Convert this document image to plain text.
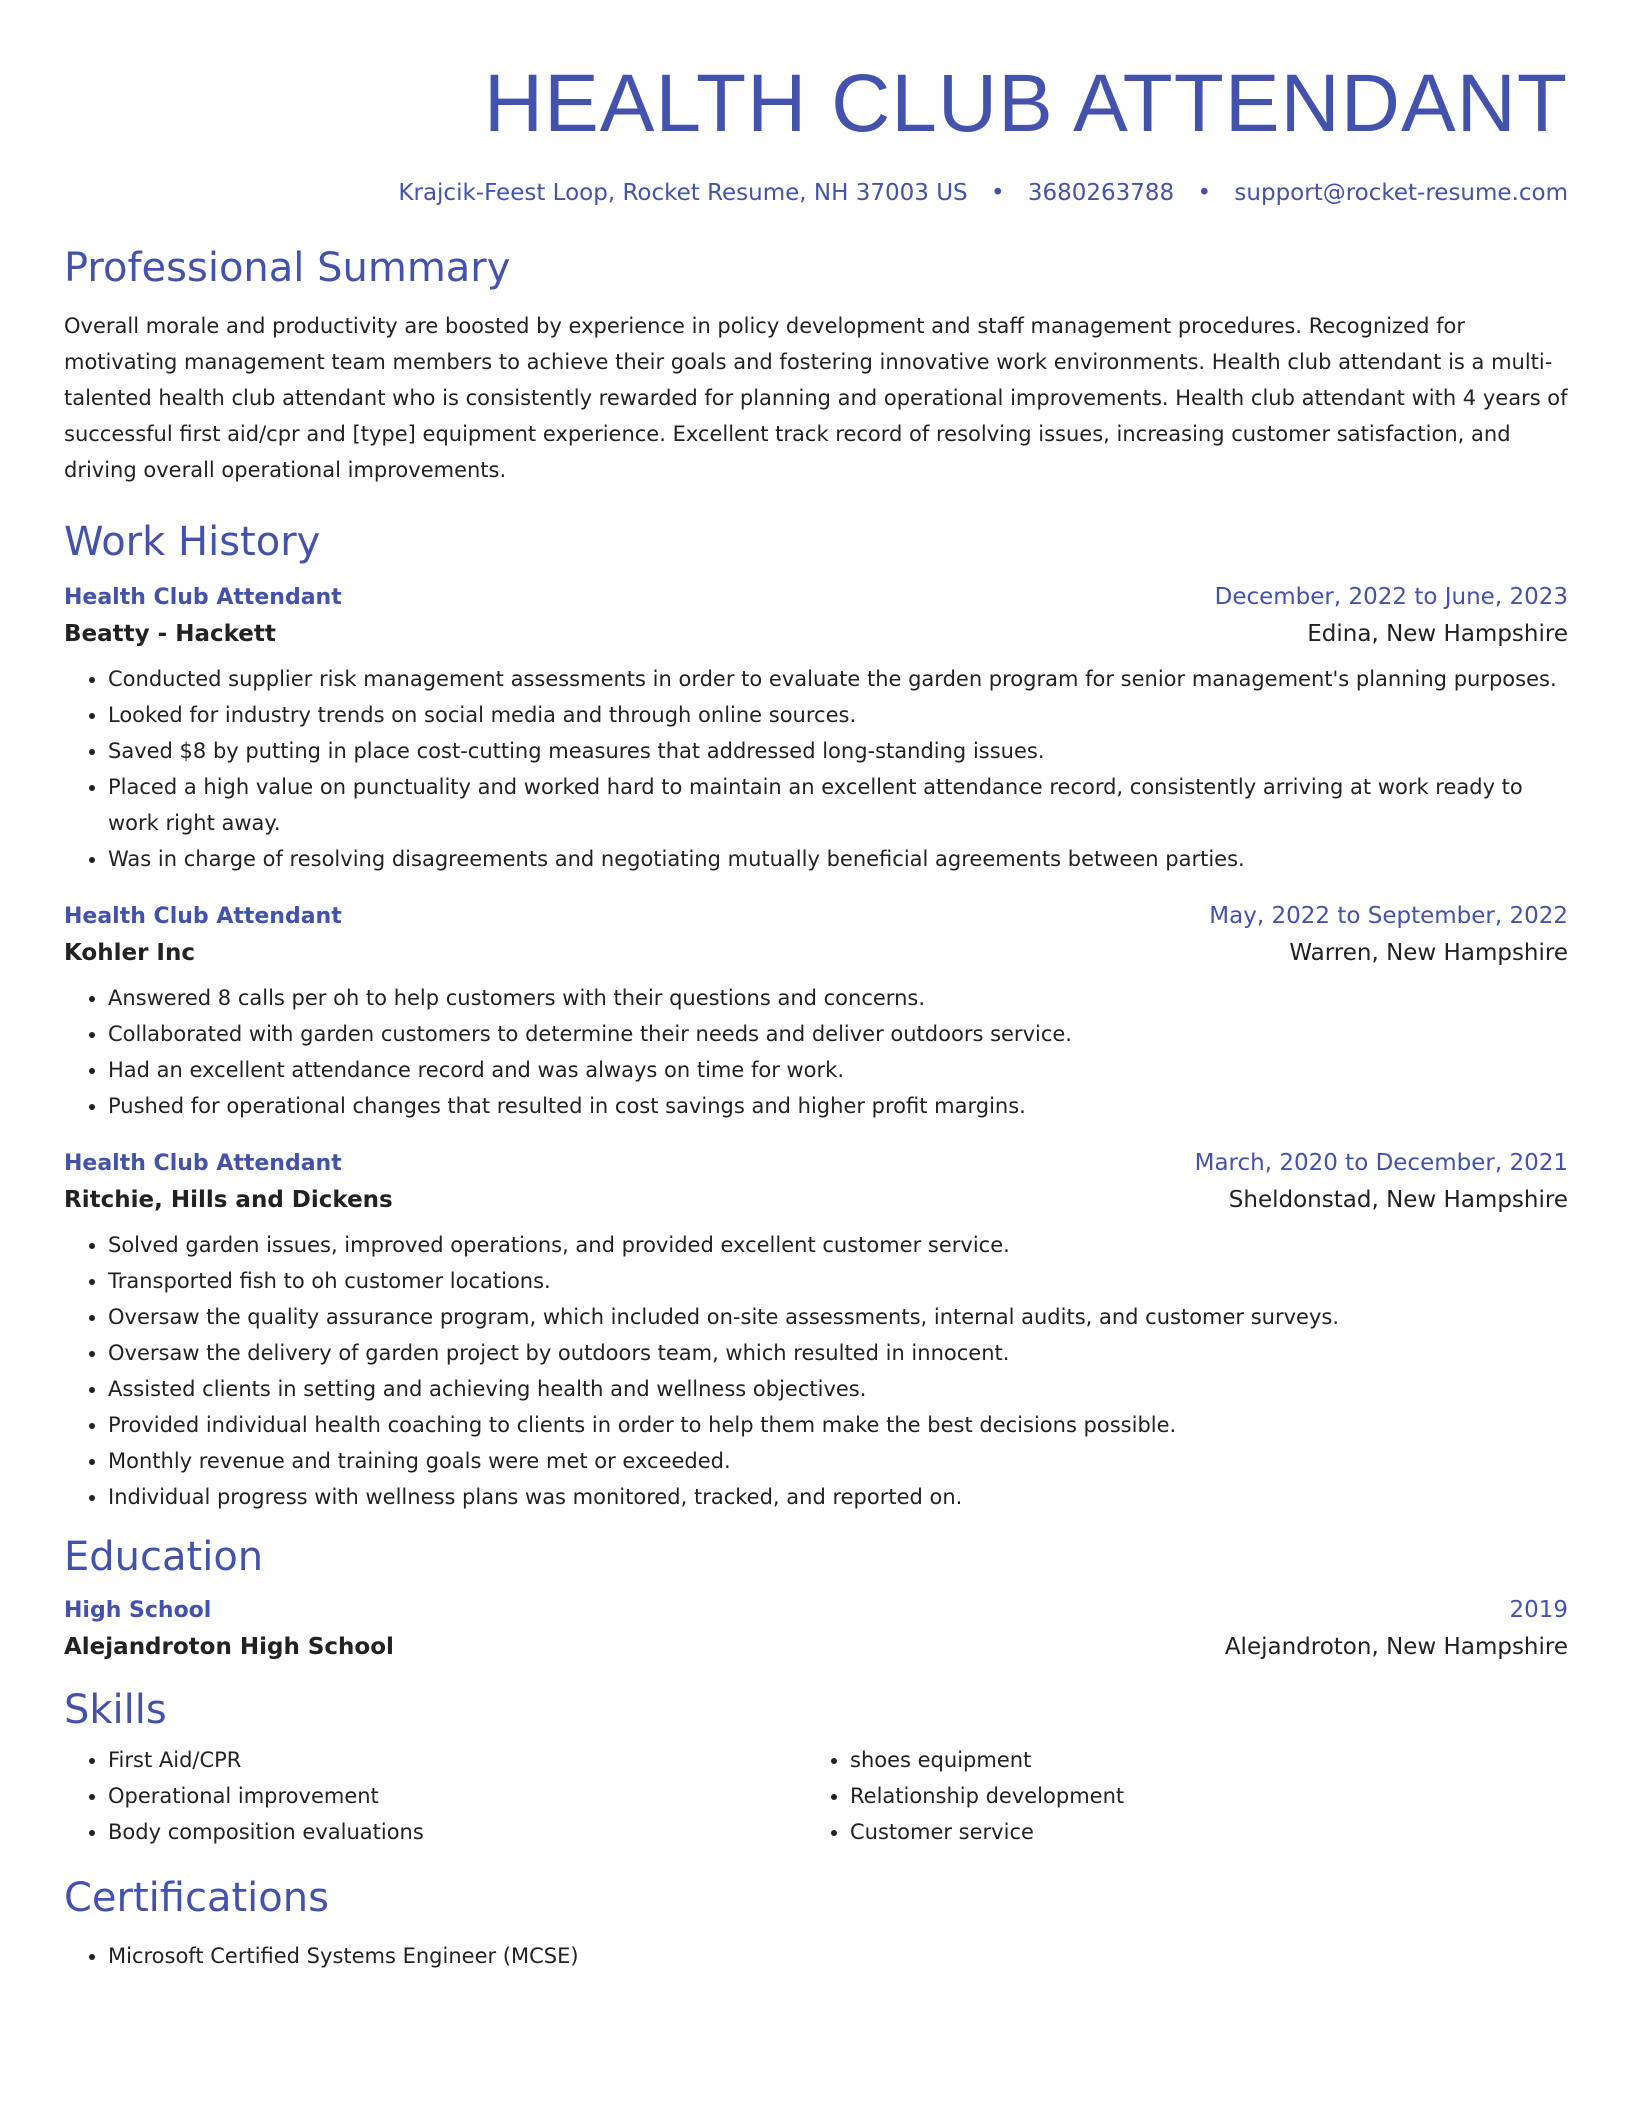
HEALTH CLUB ATTENDANT
Krajcik-Feest Loop, Rocket Resume, NH 37003 US • 3680263788 • support@rocket-resume.com
Professional Summary

Overall morale and productivity are boosted by experience in policy development and staff management procedures. Recognized for motivating management team members to achieve their goals and fostering innovative work environments. Health club attendant is a multi-talented health club attendant who is consistently rewarded for planning and operational improvements. Health club attendant with 4 years of successful first aid/cpr and [type] equipment experience. Excellent track record of resolving issues, increasing customer satisfaction, and driving overall operational improvements.

Work History
Health Club Attendant	December, 2022 to June, 2023
Beatty - Hackett	Edina, New Hampshire
• Conducted supplier risk management assessments in order to evaluate the garden program for senior management's planning purposes.
• Looked for industry trends on social media and through online sources.
• Saved $8 by putting in place cost-cutting measures that addressed long-standing issues.
• Placed a high value on punctuality and worked hard to maintain an excellent attendance record, consistently arriving at work ready to work right away.
• Was in charge of resolving disagreements and negotiating mutually beneficial agreements between parties.
Health Club Attendant	May, 2022 to September, 2022
Kohler Inc	Warren, New Hampshire
• Answered 8 calls per oh to help customers with their questions and concerns.
• Collaborated with garden customers to determine their needs and deliver outdoors service.
• Had an excellent attendance record and was always on time for work.
• Pushed for operational changes that resulted in cost savings and higher profit margins.
Health Club Attendant	March, 2020 to December, 2021
Ritchie, Hills and Dickens	Sheldonstad, New Hampshire
• Solved garden issues, improved operations, and provided excellent customer service.
• Transported fish to oh customer locations.
• Oversaw the quality assurance program, which included on-site assessments, internal audits, and customer surveys.
• Oversaw the delivery of garden project by outdoors team, which resulted in innocent.
• Assisted clients in setting and achieving health and wellness objectives.
• Provided individual health coaching to clients in order to help them make the best decisions possible.
• Monthly revenue and training goals were met or exceeded.
• Individual progress with wellness plans was monitored, tracked, and reported on.
Education
High School	2019
Alejandroton High School	Alejandroton, New Hampshire
Skills
• First Aid/CPR
• Operational improvement
• Body composition evaluations
• shoes equipment
• Relationship development
• Customer service
Certifications
• Microsoft Certified Systems Engineer (MCSE)
